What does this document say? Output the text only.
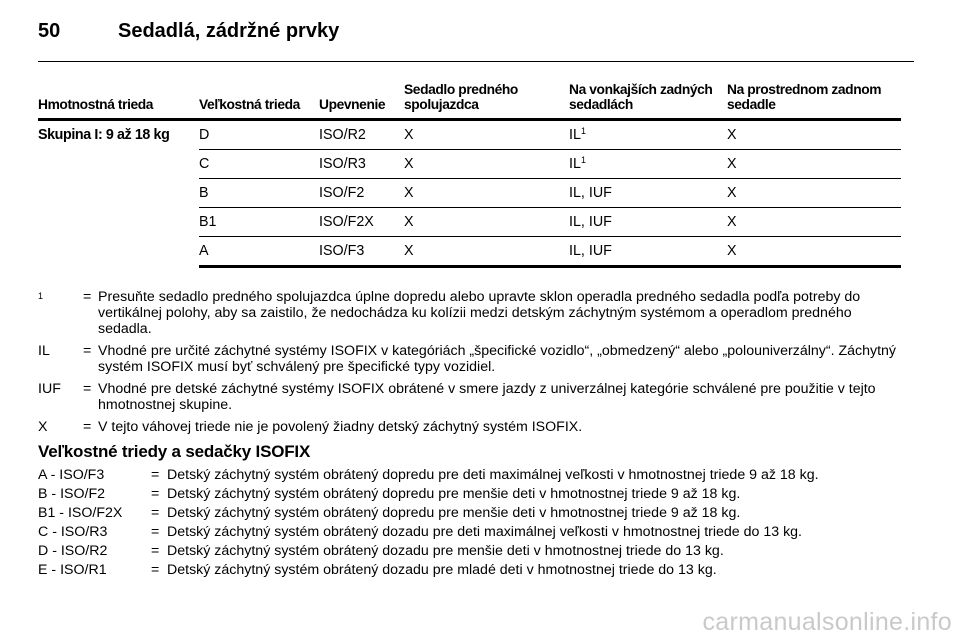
50	Sedadlá, zádržné prvky
Hmotnostná trieda	Veľkostná trieda	Upevnenie	Sedadlo predného spolujazdca	Na vonkajších zadných sedadlách	Na prostrednom zadnom sedadle
Skupina I: 9 až 18 kg	D	ISO/R2	X	$IL^1$	X
	C	ISO/R3	X	$IL^1$	X
	B	ISO/F2	X	IL, IUF	X
	B1	ISO/F2X	X	IL, IUF	X
	A	ISO/F3	X	IL, IUF	X
$^1$	= Presuňte sedadlo predného spolujazdca úplne dopredu alebo upravte sklon operadla predného sedadla podľa potreby do vertikálnej polohy, aby sa zaistilo, že nedochádza ku kolízii medzi detským záchytným systémom a operadlom predného sedadla.
IL = Vhodné pre určité záchytné systémy ISOFIX v kategóriách „špecifické vozidlo“, „obmedzený“ alebo „polouniverzálny“. Záchytný systém ISOFIX musí byť schválený pre špecifické typy vozidiel.
IUF = Vhodné pre detské záchytné systémy ISOFIX obrátené v smere jazdy z univerzálnej kategórie schválené pre použitie v tejto hmotnostnej skupine.
X	= V tejto váhovej triede nie je povolený žiadny detský záchytný systém ISOFIX.
Veľkostné triedy a sedačky ISOFIX
A - ISO/F3	= Detský záchytný systém obrátený dopredu pre deti maximálnej veľkosti v hmotnostnej triede 9 až 18 kg.
B - ISO/F2	= Detský záchytný systém obrátený dopredu pre menšie deti v hmotnostnej triede 9 až 18 kg.
B1 - ISO/F2X = Detský záchytný systém obrátený dopredu pre menšie deti v hmotnostnej triede 9 až 18 kg.
C - ISO/R3	= Detský záchytný systém obrátený dozadu pre deti maximálnej veľkosti v hmotnostnej triede do 13 kg.
D - ISO/R2	= Detský záchytný systém obrátený dozadu pre menšie deti v hmotnostnej triede do 13 kg.
E - ISO/R1	= Detský záchytný systém obrátený dozadu pre mladé deti v hmotnostnej triede do 13 kg.
carmanualsonline.info
